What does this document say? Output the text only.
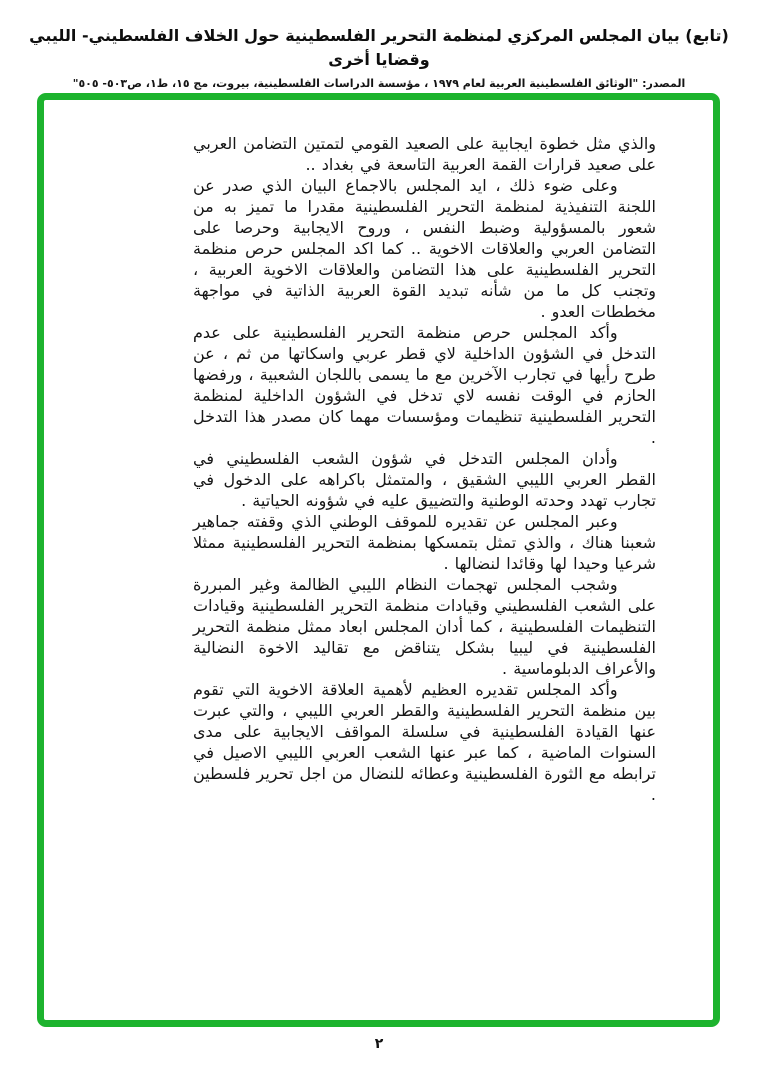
(تابع) بيان المجلس المركزي لمنظمة التحرير الفلسطينية حول الخلاف الفلسطيني- الليبي وقضايا أخرى
المصدر: "الوثائق الفلسطينية العربية لعام ١٩٧٩ ، مؤسسة الدراسات الفلسطينية، بيروت، مج ١٥، ط١، ص٥٠٣- ٥٠٥"

والذي مثل خطوة ايجابية على الصعيد القومي لتمتين التضامن العربي على صعيد قرارات القمة العربية التاسعة في بغداد ..

وعلى ضوء ذلك ، ايد المجلس بالاجماع البيان الذي صدر عن اللجنة التنفيذية لمنظمة التحرير الفلسطينية مقدرا ما تميز به من شعور بالمسؤولية وضبط النفس ، وروح الايجابية وحرصا على التضامن العربي والعلاقات الاخوية .. كما اكد المجلس حرص منظمة التحرير الفلسطينية على هذا التضامن والعلاقات الاخوية العربية ، وتجنب كل ما من شأنه تبديد القوة العربية الذاتية في مواجهة مخططات العدو .

وأكد المجلس حرص منظمة التحرير الفلسطينية على عدم التدخل في الشؤون الداخلية لاي قطر عربي واسكاتها من ثم ، عن طرح رأيها في تجارب الآخرين مع ما يسمى باللجان الشعبية ، ورفضها الحازم في الوقت نفسه لاي تدخل في الشؤون الداخلية لمنظمة التحرير الفلسطينية تنظيمات ومؤسسات مهما كان مصدر هذا التدخل .

وأدان المجلس التدخل في شؤون الشعب الفلسطيني في القطر العربي الليبي الشقيق ، والمتمثل باكراهه على الدخول في تجارب تهدد وحدته الوطنية والتضييق عليه في شؤونه الحياتية .

وعبر المجلس عن تقديره للموقف الوطني الذي وقفته جماهير شعبنا هناك ، والذي تمثل بتمسكها بمنظمة التحرير الفلسطينية ممثلا شرعيا وحيدا لها وقائدا لنضالها .

وشجب المجلس تهجمات النظام الليبي الظالمة وغير المبررة على الشعب الفلسطيني وقيادات منظمة التحرير الفلسطينية وقيادات التنظيمات الفلسطينية ، كما أدان المجلس ابعاد ممثل منظمة التحرير الفلسطينية في ليبيا بشكل يتناقض مع تقاليد الاخوة النضالية والأعراف الدبلوماسية .

وأكد المجلس تقديره العظيم لأهمية العلاقة الاخوية التي تقوم بين منظمة التحرير الفلسطينية والقطر العربي الليبي ، والتي عبرت عنها القيادة الفلسطينية في سلسلة المواقف الايجابية على مدى السنوات الماضية ، كما عبر عنها الشعب العربي الليبي الاصيل في ترابطه مع الثورة الفلسطينية وعطائه للنضال من اجل تحرير فلسطين .

٢
